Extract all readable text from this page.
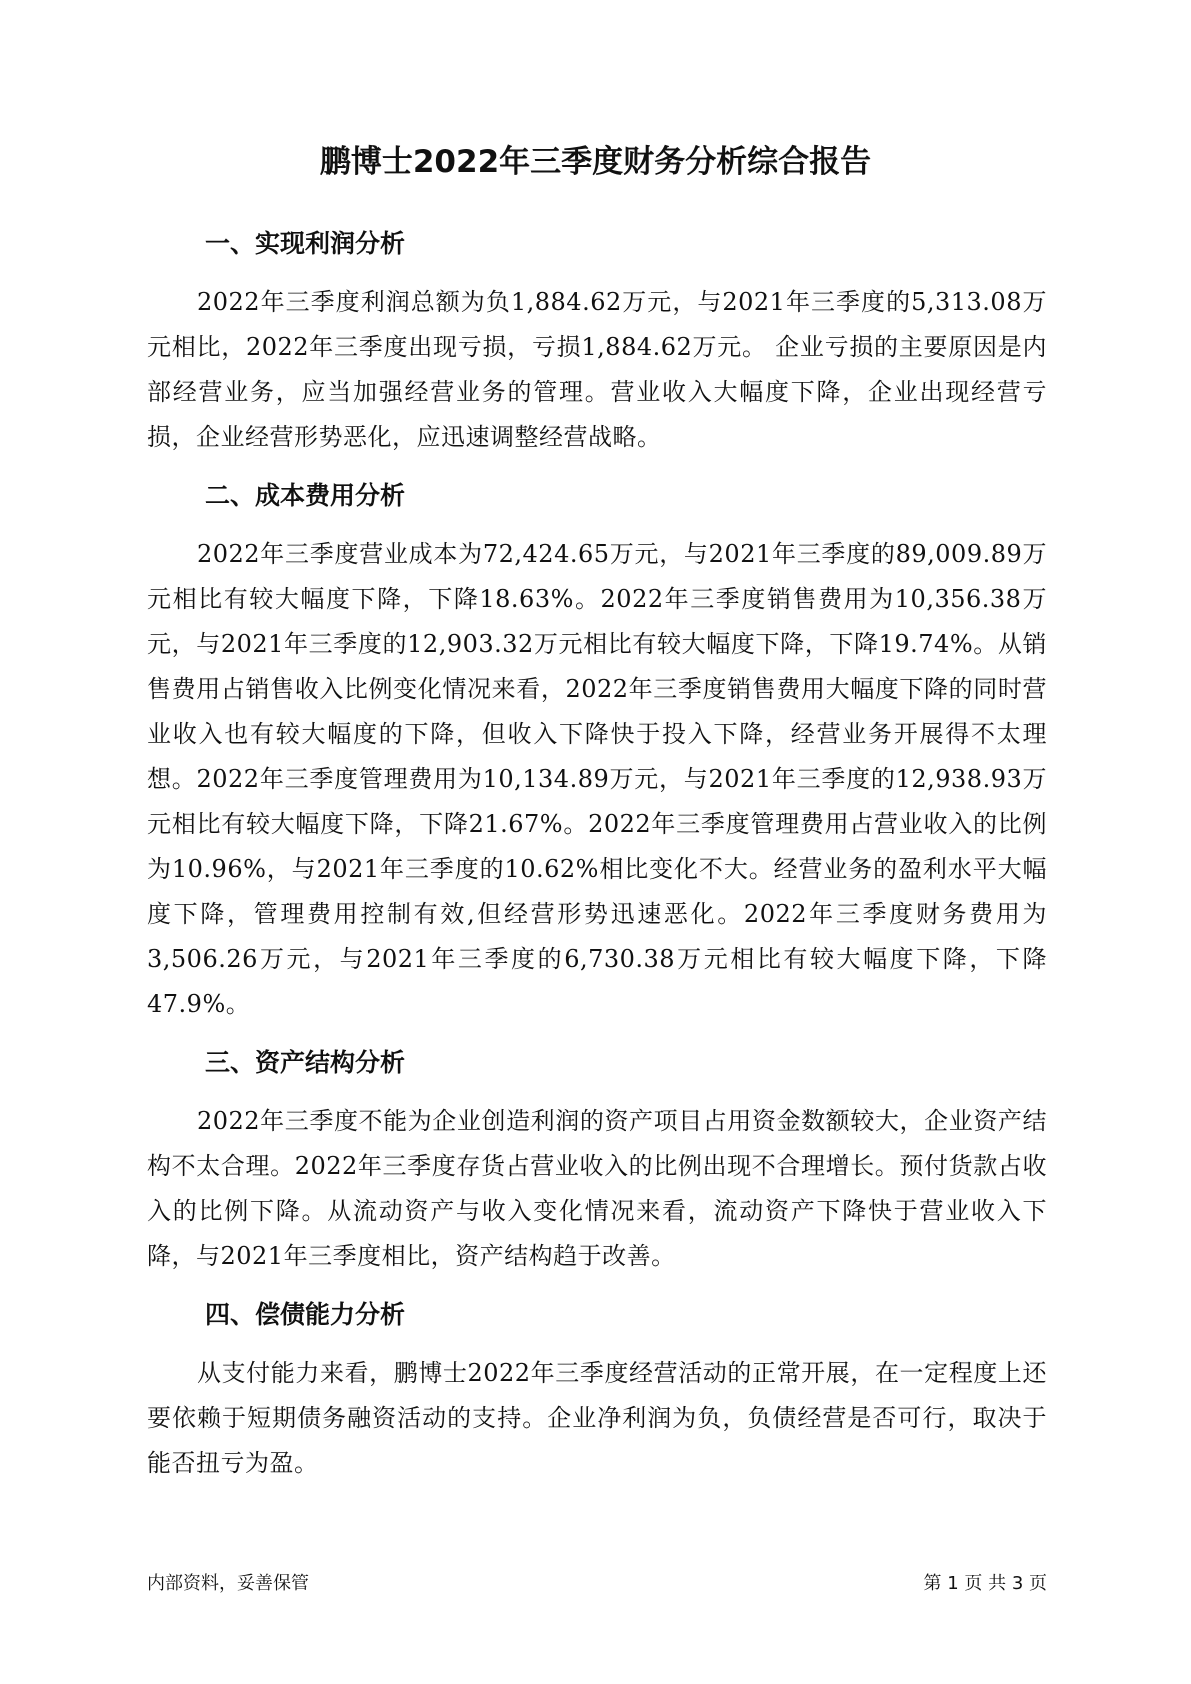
鹏博士2022年三季度财务分析综合报告
一、实现利润分析

2022年三季度利润总额为负1,884.62万元，与2021年三季度的5,313.08万元相比，2022年三季度出现亏损，亏损1,884.62万元。 企业亏损的主要原因是内部经营业务，应当加强经营业务的管理。营业收入大幅度下降，企业出现经营亏损，企业经营形势恶化，应迅速调整经营战略。

二、成本费用分析

2022年三季度营业成本为72,424.65万元，与2021年三季度的89,009.89万元相比有较大幅度下降，下降18.63%。2022年三季度销售费用为10,356.38万元，与2021年三季度的12,903.32万元相比有较大幅度下降，下降19.74%。从销售费用占销售收入比例变化情况来看，2022年三季度销售费用大幅度下降的同时营业收入也有较大幅度的下降，但收入下降快于投入下降，经营业务开展得不太理想。2022年三季度管理费用为10,134.89万元，与2021年三季度的12,938.93万元相比有较大幅度下降，下降21.67%。2022年三季度管理费用占营业收入的比例为10.96%，与2021年三季度的10.62%相比变化不大。经营业务的盈利水平大幅度下降，管理费用控制有效,但经营形势迅速恶化。2022年三季度财务费用为3,506.26万元，与2021年三季度的6,730.38万元相比有较大幅度下降，下降47.9%。

三、资产结构分析

2022年三季度不能为企业创造利润的资产项目占用资金数额较大，企业资产结构不太合理。2022年三季度存货占营业收入的比例出现不合理增长。预付货款占收入的比例下降。从流动资产与收入变化情况来看，流动资产下降快于营业收入下降，与2021年三季度相比，资产结构趋于改善。

四、偿债能力分析

从支付能力来看，鹏博士2022年三季度经营活动的正常开展，在一定程度上还要依赖于短期债务融资活动的支持。企业净利润为负，负债经营是否可行，取决于能否扭亏为盈。

内部资料，妥善保管	第 1 页 共 3 页
